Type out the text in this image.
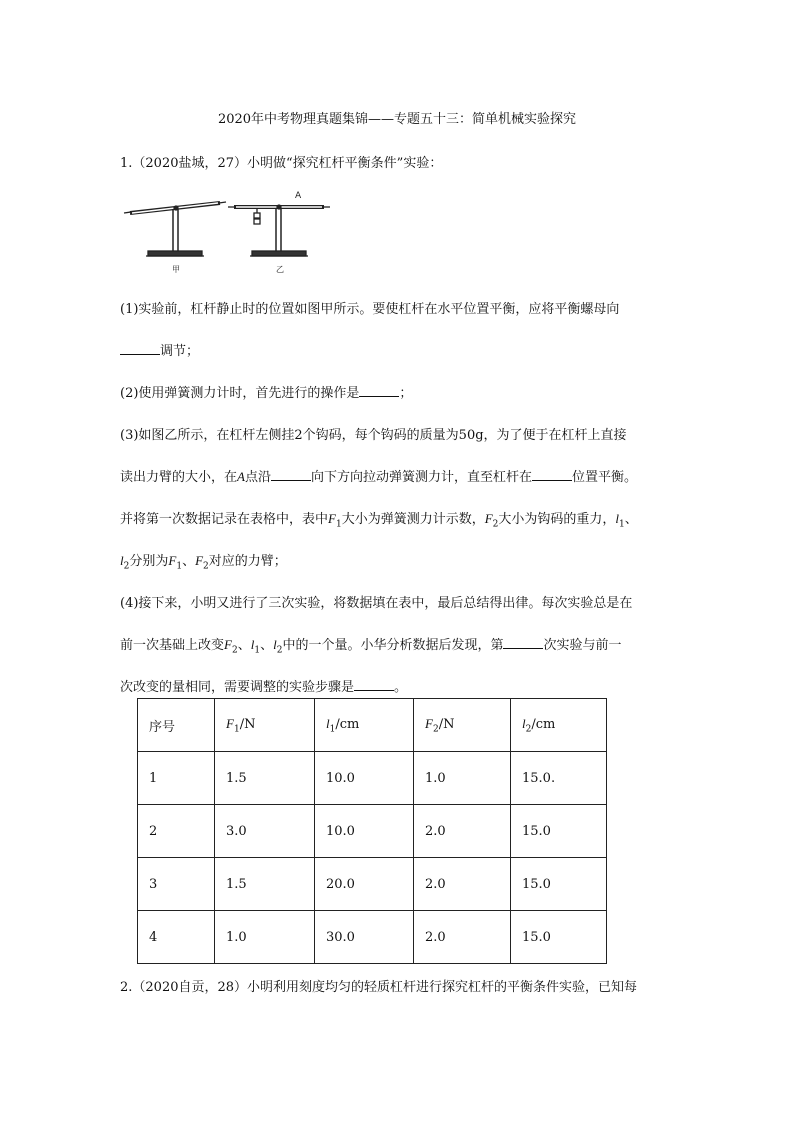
2020年中考物理真题集锦——专题五十三：简单机械实验探究
1.（2020盐城，27）小明做“探究杠杆平衡条件”实验：
甲
A
乙
(1)实验前，杠杆静止时的位置如图甲所示。要使杠杆在水平位置平衡，应将平衡螺母向
调节；
(2)使用弹簧测力计时，首先进行的操作是	；
(3)如图乙所示，在杠杆左侧挂2个钩码，每个钩码的质量为50g，为了便于在杠杆上直接
读出力臂的大小，在A点沿	向下方向拉动弹簧测力计，直至杠杆在	位置平衡。
并将第一次数据记录在表格中，表中$F_1$大小为弹簧测力计示数，$F_2$大小为钩码的重力，$l_1$、
$l_2$分别为$F_1$、$F_2$对应的力臂；
(4)接下来，小明又进行了三次实验，将数据填在表中，最后总结得出律。每次实验总是在
前一次基础上改变$F_2$、$l_1$、$l_2$中的一个量。小华分析数据后发现，第	次实验与前一
次改变的量相同，需要调整的实验步骤是	。
序号	$F_1/N$	$l_1/cm$	$F_2/N$	$l_2/cm$
1	1.5	10.0	1.0	15.0.
2	3.0	10.0	2.0	15.0
3	1.5	20.0	2.0	15.0
4	1.0	30.0	2.0	15.0
2.（2020自贡，28）小明利用刻度均匀的轻质杠杆进行探究杠杆的平衡条件实验，已知每
